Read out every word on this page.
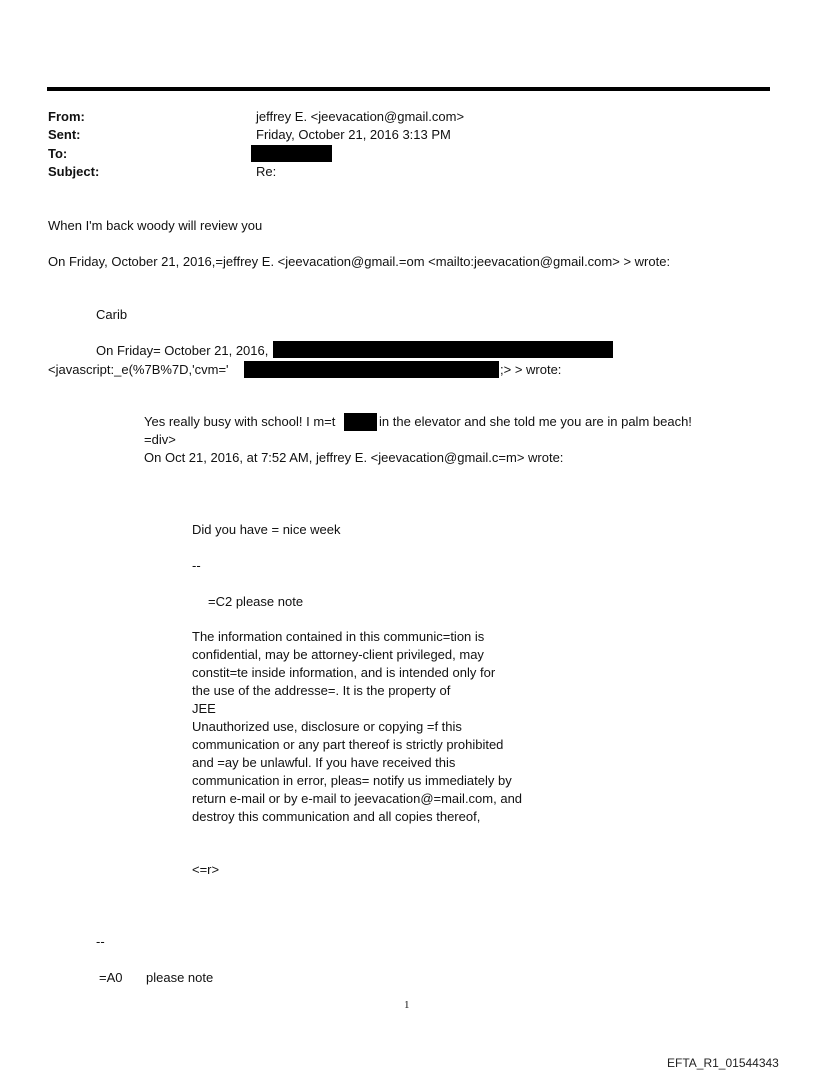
From:	jeffrey E. <jeevacation@gmail.com>
Sent:	Friday, October 21, 2016 3:13 PM
To:
Subject:	Re:
When I'm back woody will review you
On Friday, October 21, 2016,=jeffrey E. <jeevacation@gmail.=om <mailto:jeevacation@gmail.com> > wrote:
Carib
On Friday= October 21, 2016,
<javascript:_e(%7B%7D,'cvm='	;> > wrote:
Yes really busy with school! I m=t	in the elevator and she told me you are in palm beach!
=div>
On Oct 21, 2016, at 7:52 AM, jeffrey E. <jeevacation@gmail.c=m> wrote:
Did you have = nice week
--
=C2 please note
The information contained in this communic=tion is
confidential, may be attorney-client privileged, may
constit=te inside information, and is intended only for
the use of the addresse=. It is the property of
JEE
Unauthorized use, disclosure or copying =f this
communication or any part thereof is strictly prohibited
and =ay be unlawful. If you have received this
communication in error, pleas= notify us immediately by
return e-mail or by e-mail to jeevacation@=mail.com, and
destroy this communication and all copies thereof,
<=r>
--
=A0 please note
1
EFTA_R1_01544343
